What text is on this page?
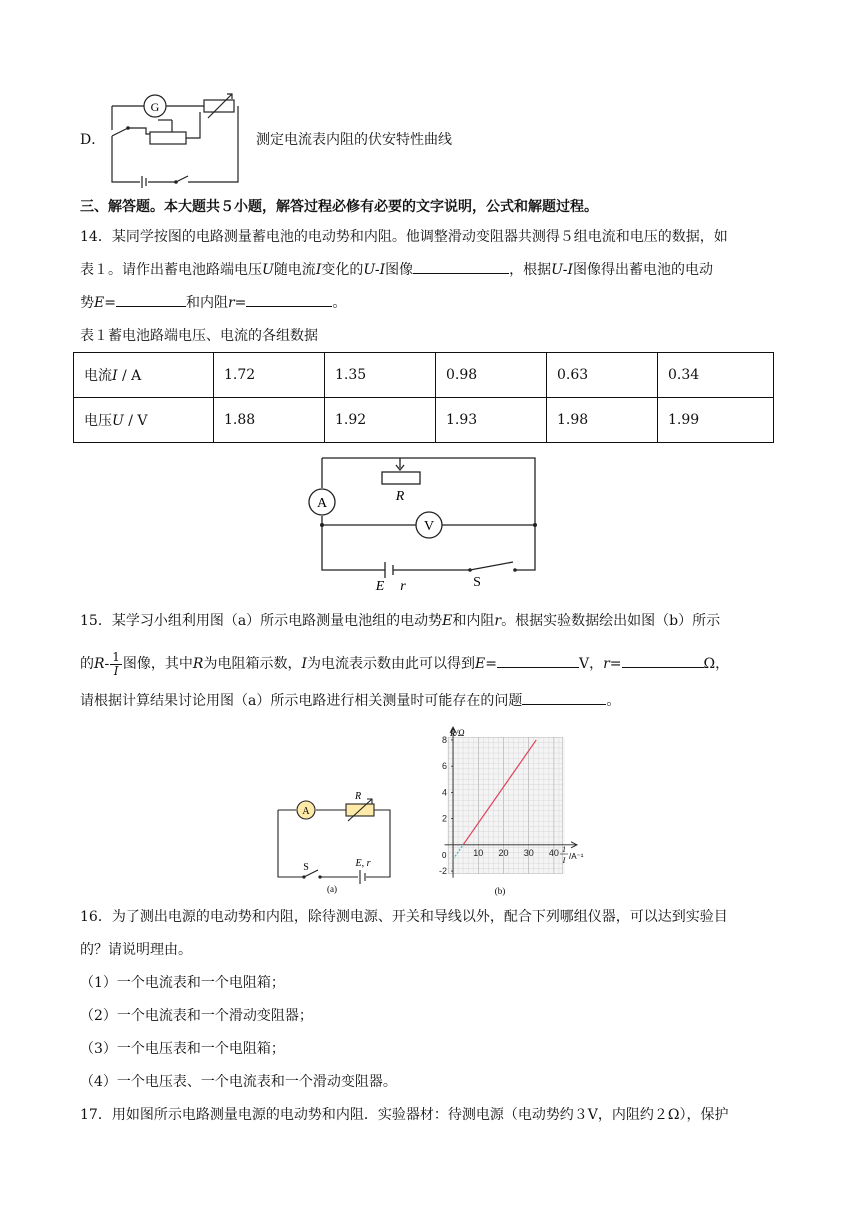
D．
G
测定电流表内阻的伏安特性曲线
三、解答题。本大题共５小题，解答过程必修有必要的文字说明，公式和解题过程。
14．某同学按图的电路测量蓄电池的电动势和内阻。他调整滑动变阻器共测得５组电流和电压的数据，如
表１。请作出蓄电池路端电压U随电流I变化的U-I图像	，根据U-I图像得出蓄电池的电动
势E=	和内阻r=	。
表１蓄电池路端电压、电流的各组数据
电流I / A	1.72	1.35	0.98	0.63	0.34
电压U / V	1.88	1.92	1.93	1.98	1.99
A
V
R
E r	S
15．某学习小组利用图（a）所示电路测量电池组的电动势E和内阻r。根据实验数据绘出如图（b）所示
的$R- \frac{1}{I}$ 图像，其中R为电阻箱示数，I为电流表示数由此可以得到E=	V，r=	Ω，
请根据计算结果讨论用图（a）所示电路进行相关测量时可能存在的问题	。
A
R
S	E, r
(a)
8
6
4
2
-2
10 20 30 40
R/Ω
1
I /A⁻¹
0
(b)
16．为了测出电源的电动势和内阻，除待测电源、开关和导线以外，配合下列哪组仪器，可以达到实验目
的？请说明理由。
（1）一个电流表和一个电阻箱；
（2）一个电流表和一个滑动变阻器；
（3）一个电压表和一个电阻箱；
（4）一个电压表、一个电流表和一个滑动变阻器。
17．用如图所示电路测量电源的电动势和内阻．实验器材：待测电源（电动势约３V，内阻约２Ω），保护
